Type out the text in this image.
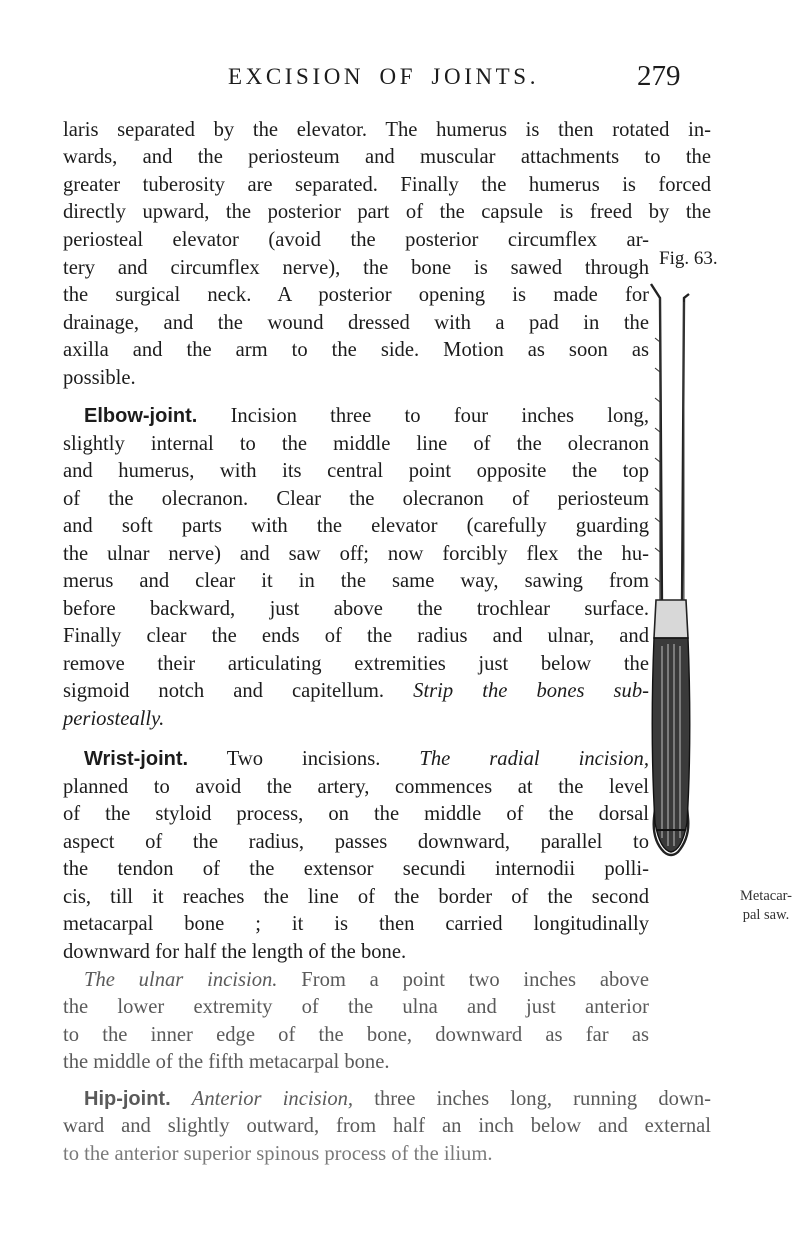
EXCISION OF JOINTS.	279
laris separated by the elevator. The humerus is then rotated in-
wards, and the periosteum and muscular attachments to the
greater tuberosity are separated. Finally the humerus is forced
directly upward, the posterior part of the capsule is freed by the
periosteal elevator (avoid the posterior circumflex ar-
tery and circumflex nerve), the bone is sawed through
the surgical neck. A posterior opening is made for
drainage, and the wound dressed with a pad in the
axilla and the arm to the side. Motion as soon as
possible.
Elbow-joint. Incision three to four inches long,
slightly internal to the middle line of the olecranon
and humerus, with its central point opposite the top
of the olecranon. Clear the olecranon of periosteum
and soft parts with the elevator (carefully guarding
the ulnar nerve) and saw off; now forcibly flex the hu-
merus and clear it in the same way, sawing from
before backward, just above the trochlear surface.
Finally clear the ends of the radius and ulnar, and
remove their articulating extremities just below the
sigmoid notch and capitellum. Strip the bones sub-
periosteally.
Wrist-joint. Two incisions. The radial incision,
planned to avoid the artery, commences at the level
of the styloid process, on the middle of the dorsal
aspect of the radius, passes downward, parallel to
the tendon of the extensor secundi internodii polli-
cis, till it reaches the line of the border of the second
metacarpal bone ; it is then carried longitudinally
downward for half the length of the bone.
The ulnar incision. From a point two inches above
the lower extremity of the ulna and just anterior
to the inner edge of the bone, downward as far as
the middle of the fifth metacarpal bone.
Hip-joint. Anterior incision, three inches long, running down-
ward and slightly outward, from half an inch below and external
to the anterior superior spinous process of the ilium.
Fig. 63.
Metacar-
pal saw.
